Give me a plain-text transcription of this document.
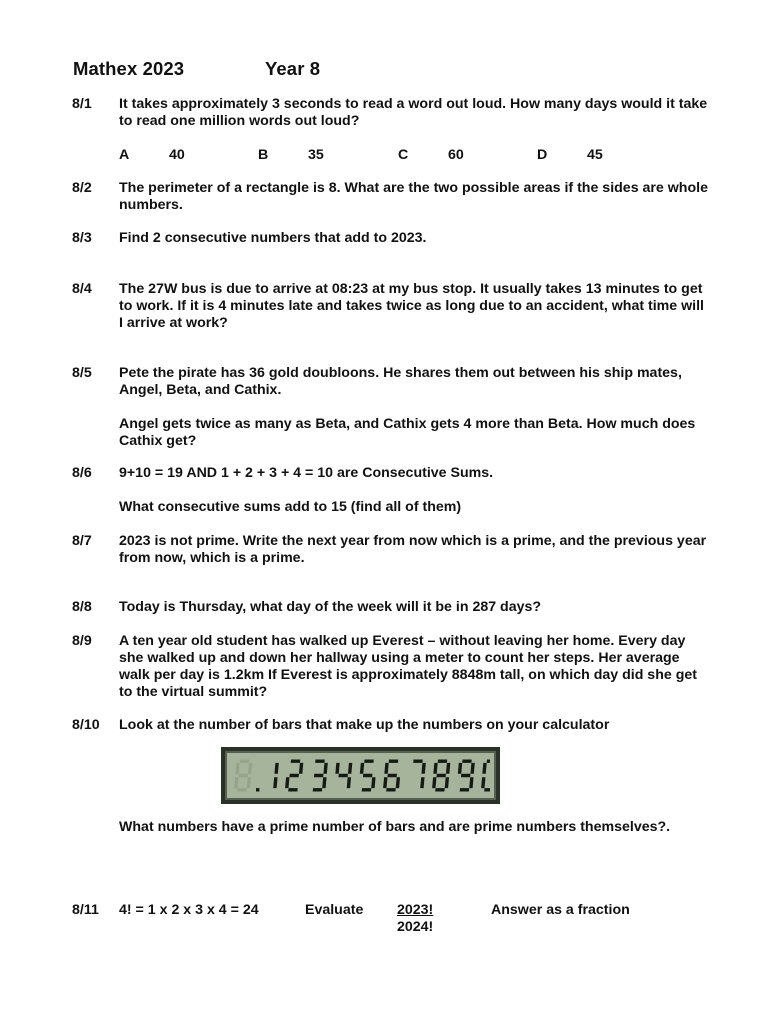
Mathex 2023	Year 8
8/1 It takes approximately 3 seconds to read a word out loud. How many days would it take to read one million words out loud?

A	40	B	35	C	60	D	45
8/2 The perimeter of a rectangle is 8. What are the two possible areas if the sides are whole numbers.

8/3 Find 2 consecutive numbers that add to 2023.

8/4 The 27W bus is due to arrive at 08:23 at my bus stop. It usually takes 13 minutes to get to work. If it is 4 minutes late and takes twice as long due to an accident, what time will I arrive at work?

8/5 Pete the pirate has 36 gold doubloons. He shares them out between his ship mates, Angel, Beta, and Cathix.

Angel gets twice as many as Beta, and Cathix gets 4 more than Beta. How much does Cathix get?

8/6 9+10 = 19 AND 1 + 2 + 3 + 4 = 10 are Consecutive Sums.

What consecutive sums add to 15 (find all of them)

8/7 2023 is not prime. Write the next year from now which is a prime, and the previous year from now, which is a prime.

8/8 Today is Thursday, what day of the week will it be in 287 days?

8/9 A ten year old student has walked up Everest – without leaving her home. Every day she walked up and down her hallway using a meter to count her steps. Her average walk per day is 1.2km If Everest is approximately 8848m tall, on which day did she get to the virtual summit?

8/10 Look at the number of bars that make up the numbers on your calculator

What numbers have a prime number of bars and are prime numbers themselves?.

8/11 4! = 1 x 2 x 3 x 4 = 24	Evaluate $\frac{2023!}{2024!}$	Answer as a fraction
